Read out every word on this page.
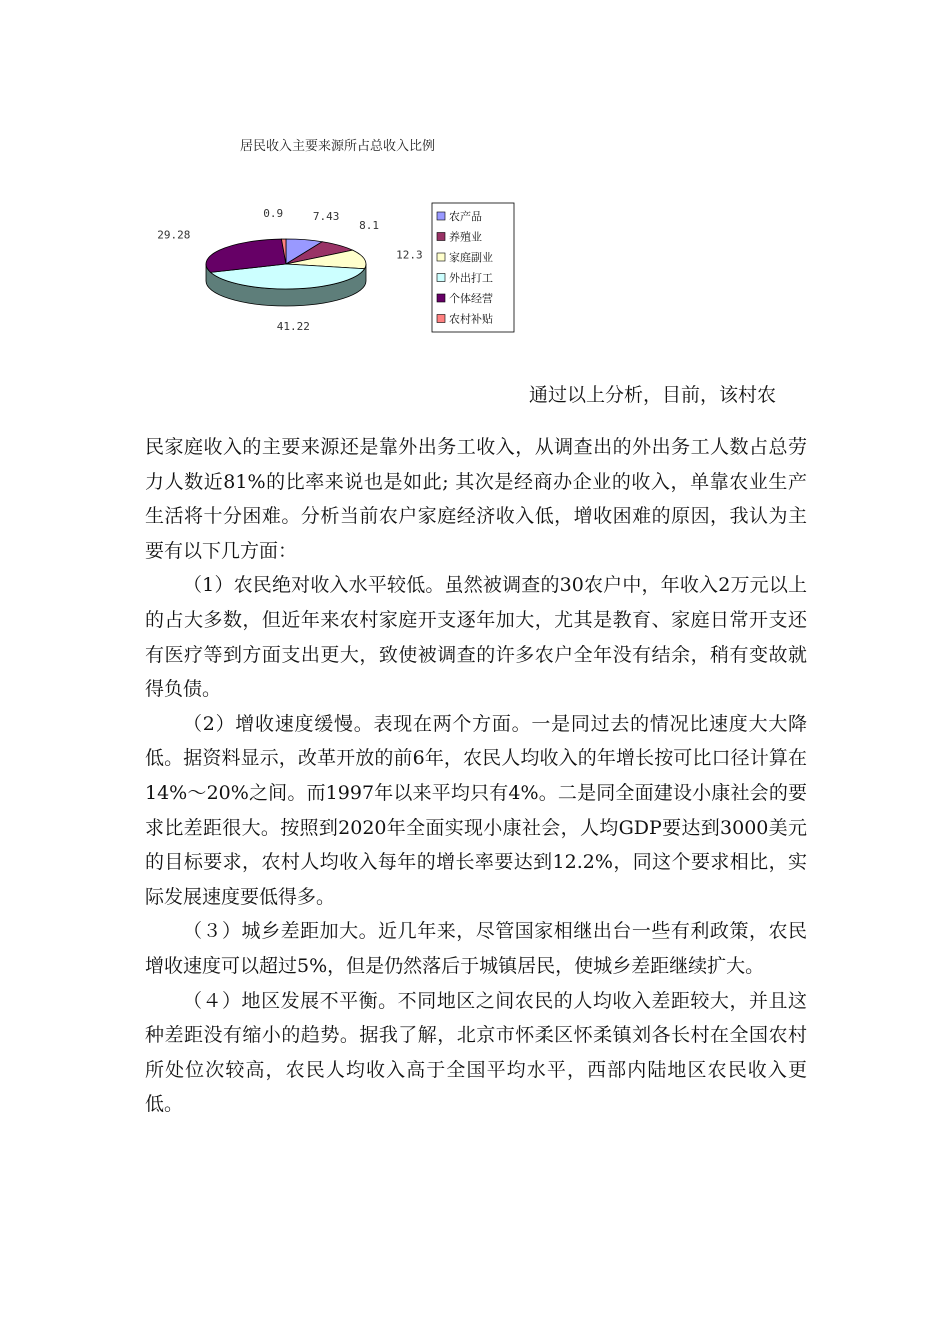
居民收入主要来源所占总收入比例
7.43
8.1
12.3
41.22
29.28
0.9	农产品
养殖业
家庭副业
外出打工
个体经营
农村补贴
通过以上分析，目前，该村农

民家庭收入的主要来源还是靠外出务工收入，从调查出的外出务工人数占总劳力人数近81%的比率来说也是如此; 其次是经商办企业的收入，单靠农业生产生活将十分困难。分析当前农户家庭经济收入低，增收困难的原因，我认为主要有以下几方面：

（1）农民绝对收入水平较低。虽然被调查的30农户中，年收入2万元以上的占大多数，但近年来农村家庭开支逐年加大，尤其是教育、家庭日常开支还有医疗等到方面支出更大，致使被调查的许多农户全年没有结余，稍有变故就得负债。

（2）增收速度缓慢。表现在两个方面。一是同过去的情况比速度大大降低。据资料显示，改革开放的前6年，农民人均收入的年增长按可比口径计算在14%～20%之间。而1997年以来平均只有4%。二是同全面建设小康社会的要求比差距很大。按照到2020年全面实现小康社会，人均GDP要达到3000美元的目标要求，农村人均收入每年的增长率要达到12.2%，同这个要求相比，实际发展速度要低得多。

（３）城乡差距加大。近几年来，尽管国家相继出台一些有利政策，农民增收速度可以超过5%，但是仍然落后于城镇居民，使城乡差距继续扩大。

（４）地区发展不平衡。不同地区之间农民的人均收入差距较大，并且这种差距没有缩小的趋势。据我了解，北京市怀柔区怀柔镇刘各长村在全国农村所处位次较高，农民人均收入高于全国平均水平，西部内陆地区农民收入更低。
